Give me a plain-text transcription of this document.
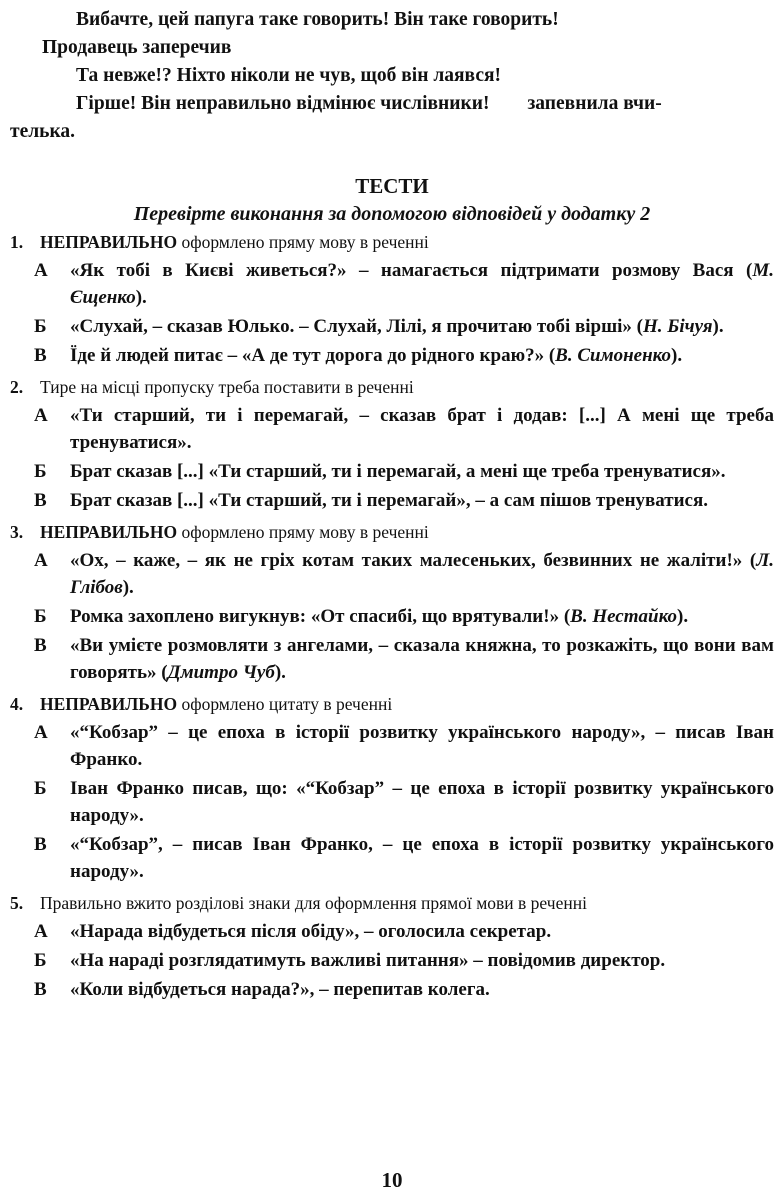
Вибачте, цей папуга таке говорить! Він таке говорить!

Продавець заперечив

Та невже!? Ніхто ніколи не чув, щоб він лаявся!

Гірше! Він неправильно відмінює числівники! запевнила вчи-

телька.

ТЕСТИ

Перевірте виконання за допомогою відповідей у додатку 2

1. НЕПРАВИЛЬНО оформлено пряму мову в реченні
А	«Як тобі в Києві живеться?» – намагається підтримати розмову Вася (М. Єщенко).
Б	«Слухай, – сказав Юлько. – Слухай, Лілі, я прочитаю тобі вірші» (Н. Бічуя).
В	Їде й людей питає – «А де тут дорога до рідного краю?» (В. Симоненко).
2. Тире на місці пропуску треба поставити в реченні
А	«Ти старший, ти і перемагай, – сказав брат і додав: [...] А мені ще треба тренуватися».
Б	Брат сказав [...] «Ти старший, ти і перемагай, а мені ще треба тренуватися».
В	Брат сказав [...] «Ти старший, ти і перемагай», – а сам пішов тренуватися.
3. НЕПРАВИЛЬНО оформлено пряму мову в реченні
А	«Ох, – каже, – як не гріх котам таких малесеньких, безвинних не жаліти!» (Л. Глібов).
Б	Ромка захоплено вигукнув: «От спасибі, що врятували!» (В. Нестайко).
В	«Ви умієте розмовляти з ангелами, – сказала княжна, то розкажіть, що вони вам говорять» (Дмитро Чуб).
4. НЕПРАВИЛЬНО оформлено цитату в реченні
А	«“Кобзар” – це епоха в історії розвитку українського народу», – писав Іван Франко.
Б	Іван Франко писав, що: «“Кобзар” – це епоха в історії розвитку українського народу».
В	«“Кобзар”, – писав Іван Франко, – це епоха в історії розвитку українського народу».
5. Правильно вжито розділові знаки для оформлення прямої мови в реченні
А	«Нарада відбудеться після обіду», – оголосила секретар.
Б	«На нараді розглядатимуть важливі питання» – повідомив директор.
В	«Коли відбудеться нарада?», – перепитав колега.
10
